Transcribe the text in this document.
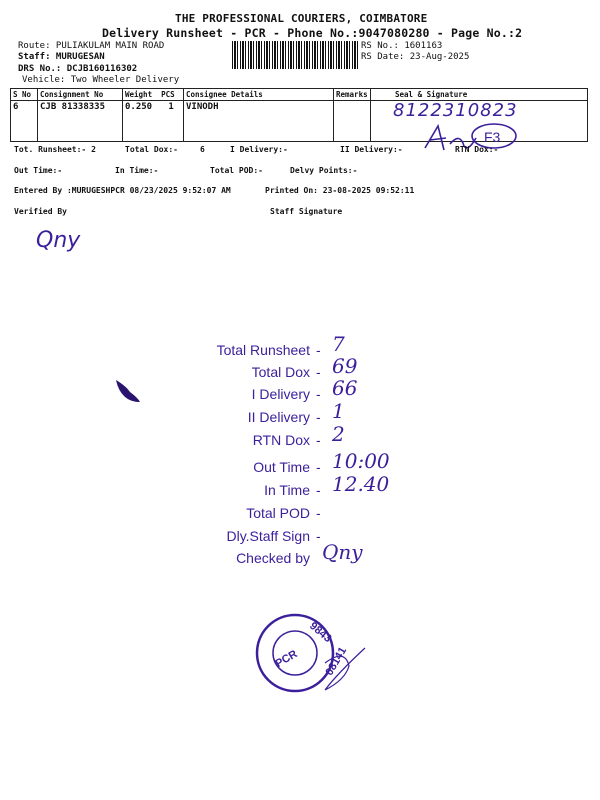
THE PROFESSIONAL COURIERS, COIMBATORE
Delivery Runsheet - PCR - Phone No.:9047080280 - Page No.:2
Route: PULIAKULAM MAIN ROAD
Staff: MURUGESAN
DRS No.: DCJB160116302
Vehicle: Two Wheeler Delivery
RS No.: 1601163
RS Date: 23-Aug-2025
S No	Consignment No	Weight PCS	Consignee Details	Remarks	Seal & Signature
6	CJB 81338335	0.250 1	VINODH			8122310823
F3
Tot. Runsheet:- 2	Total Dox:-	6	I Delivery:-	II Delivery:-	RTN Dox:-
Out Time:-	In Time:-	Total POD:-	Delvy Points:-
Entered By :MURUGESHPCR 08/23/2025 9:52:07 AM	Printed On: 23-08-2025 09:52:11
Verified By	Staff Signature
Qny
Total Runsheet - 7
Total Dox - 69
I Delivery - 66
II Delivery - 1
RTN Dox - 2
Out Time - 10:00
In Time - 12.40
Total POD -
Dly.Staff Sign -
Checked by Qny
PCR
9843
08141
